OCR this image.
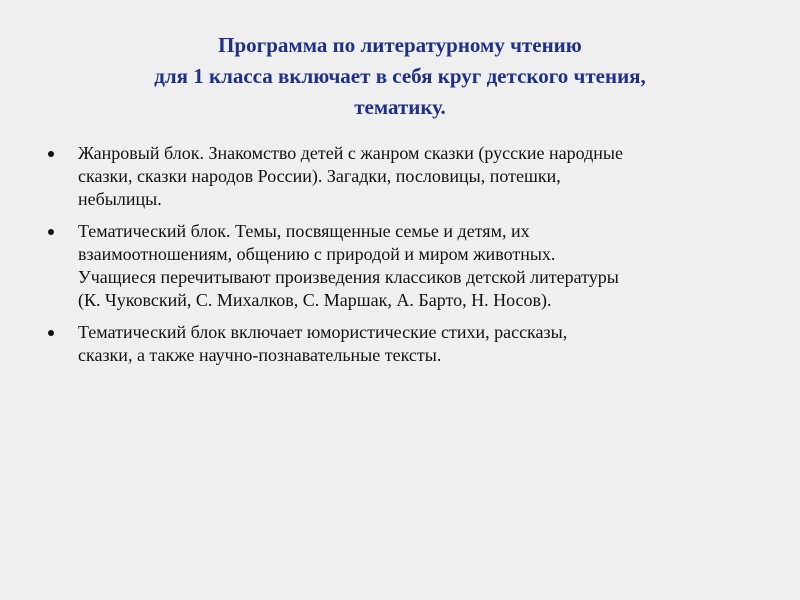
Программа по литературному чтению
для 1 класса включает в себя круг детского чтения,
тематику.
Жанровый блок. Знакомство детей с жанром сказки (русские народные
сказки, сказки народов России). Загадки, пословицы, потешки,
небылицы.
Тематический блок. Темы, посвященные семье и детям, их
взаимоотношениям, общению с природой и миром животных.
Учащиеся перечитывают произведения классиков детской литературы
(К. Чуковский, С. Михалков, С. Маршак, А. Барто, Н. Носов).
Тематический блок включает юмористические стихи, рассказы,
сказки, а также научно-познавательные тексты.
